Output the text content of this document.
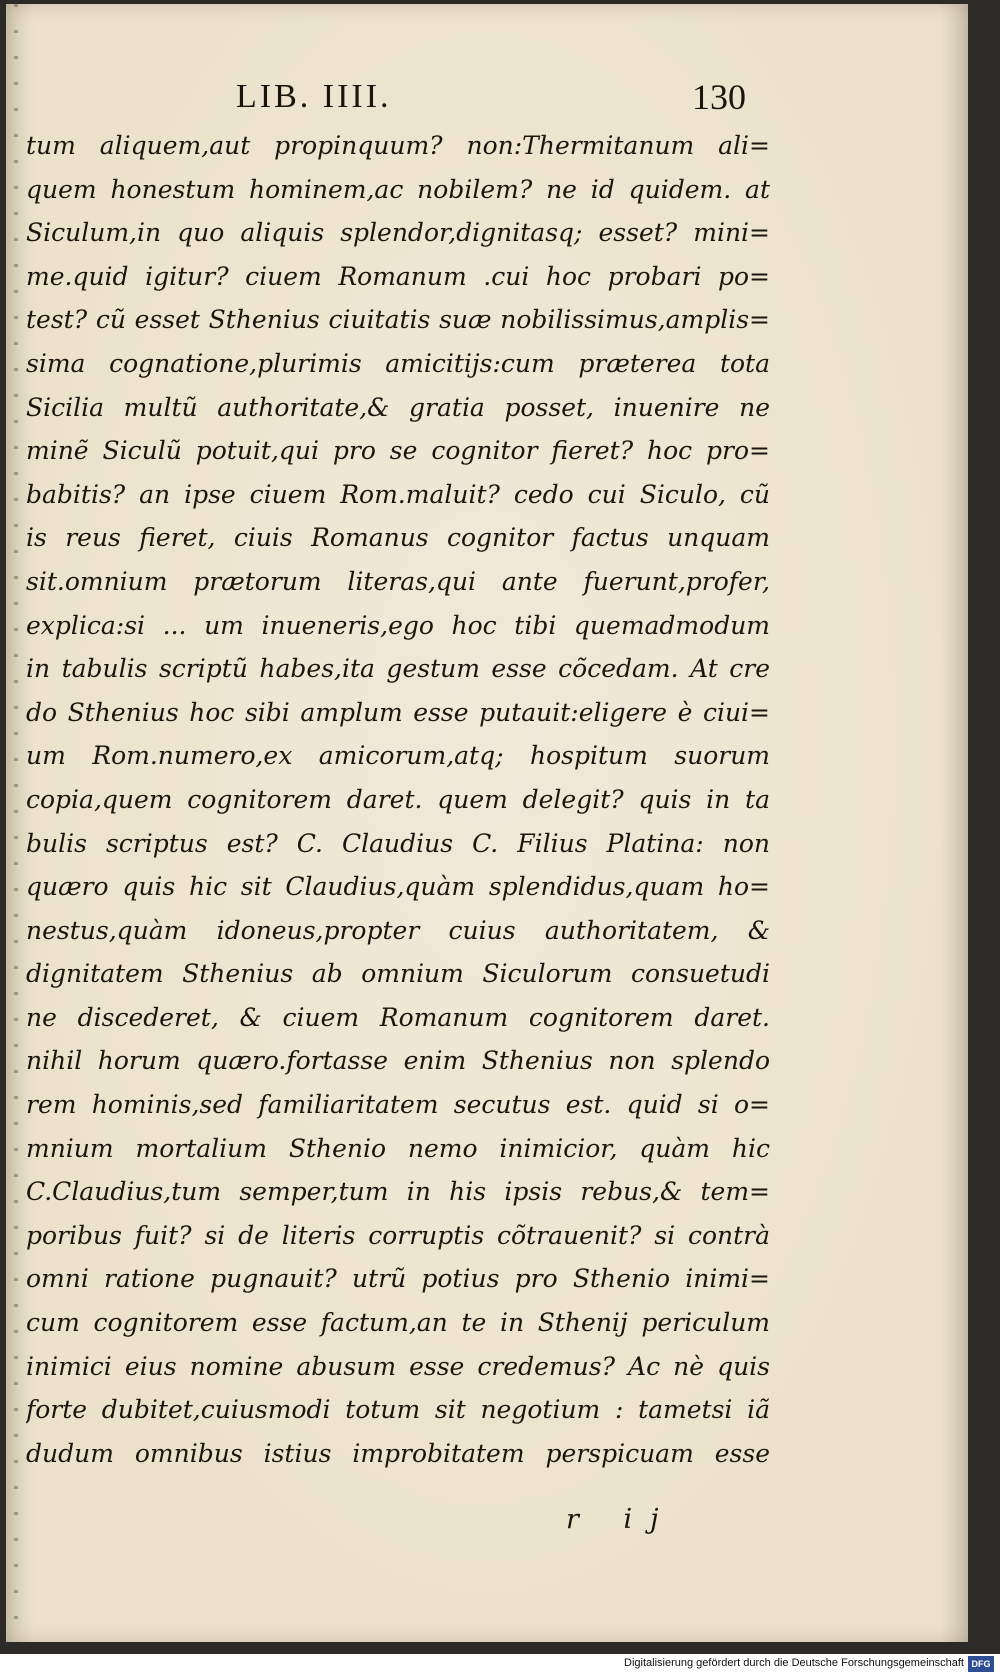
LIB. IIII.	130
tum aliquem,aut propinquum? non:Thermitanum ali=
quem honestum hominem,ac nobilem? ne id quidem. at
Siculum,in quo aliquis splendor,dignitasq; esset? mini=
me.quid igitur? ciuem Romanum .cui hoc probari po=
test? cũ esset Sthenius ciuitatis suæ nobilissimus,amplis=
sima cognatione,plurimis amicitijs:cum præterea tota
Sicilia multũ authoritate,& gratia posset, inuenire ne
minẽ Siculũ potuit,qui pro se cognitor fieret? hoc pro=
babitis? an ipse ciuem Rom.maluit? cedo cui Siculo, cũ
is reus fieret, ciuis Romanus cognitor factus unquam
sit.omnium prætorum literas,qui ante fuerunt,profer,
explica:si ... um inueneris,ego hoc tibi quemadmodum
in tabulis scriptũ habes,ita gestum esse cõcedam. At cre
do Sthenius hoc sibi amplum esse putauit:eligere è ciui=
um Rom.numero,ex amicorum,atq; hospitum suorum
copia,quem cognitorem daret. quem delegit? quis in ta
bulis scriptus est? C. Claudius C. Filius Platina: non
quæro quis hic sit Claudius,quàm splendidus,quam ho=
nestus,quàm idoneus,propter cuius authoritatem, &
dignitatem Sthenius ab omnium Siculorum consuetudi
ne discederet, & ciuem Romanum cognitorem daret.
nihil horum quæro.fortasse enim Sthenius non splendo
rem hominis,sed familiaritatem secutus est. quid si o=
mnium mortalium Sthenio nemo inimicior, quàm hic
C.Claudius,tum semper,tum in his ipsis rebus,& tem=
poribus fuit? si de literis corruptis cõtrauenit? si contrà
omni ratione pugnauit? utrũ potius pro Sthenio inimi=
cum cognitorem esse factum,an te in Sthenij periculum
inimici eius nomine abusum esse credemus? Ac nè quis
forte dubitet,cuiusmodi totum sit negotium : tametsi iã
dudum omnibus istius improbitatem perspicuam esse
r ij
Digitalisierung gefördert durch die Deutsche Forschungsgemeinschaft DFG
